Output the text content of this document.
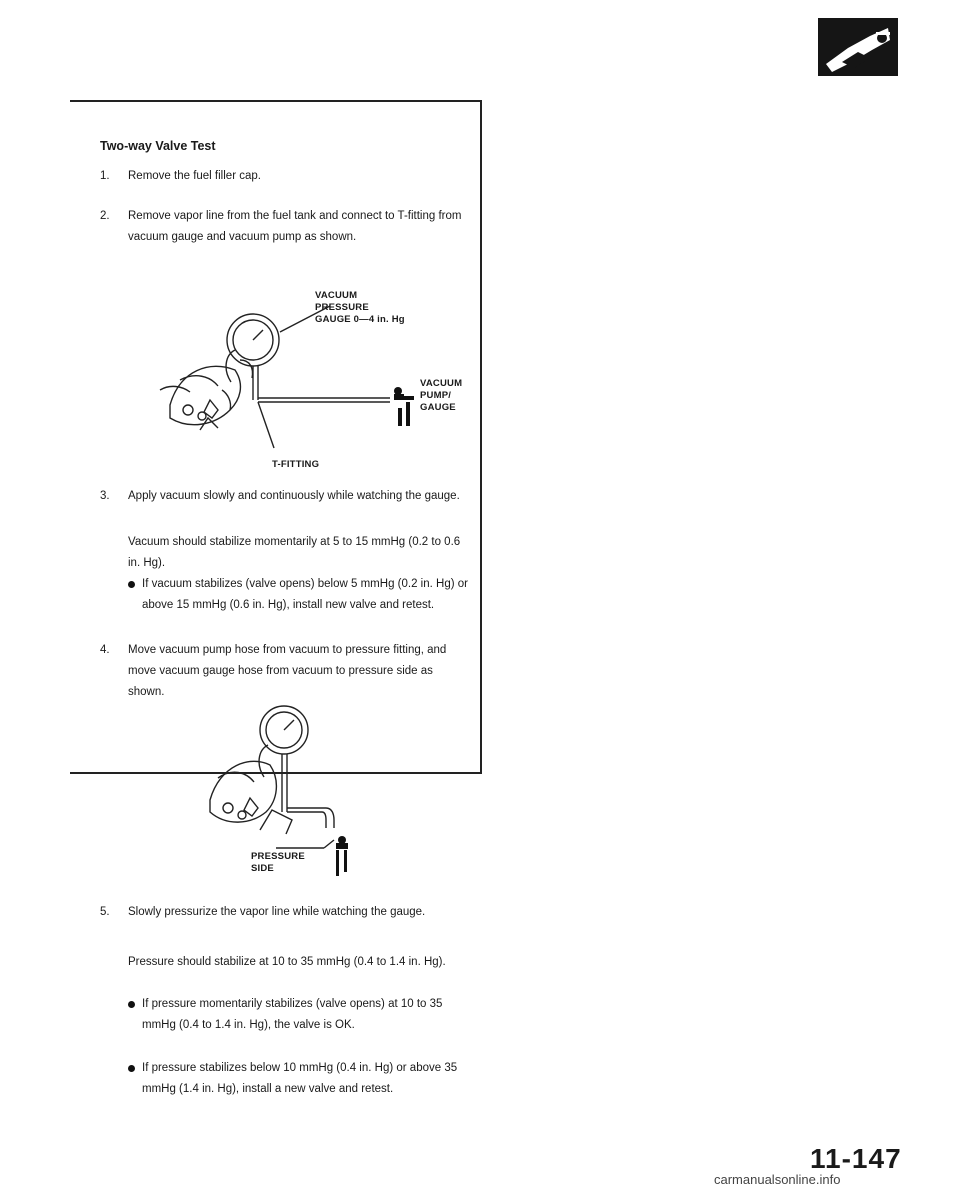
Two-way Valve Test
1.	Remove the fuel filler cap.
2.	Remove vapor line from the fuel tank and connect to T-fitting from vacuum gauge and vacuum pump as shown.
VACUUM
PRESSURE
GAUGE 0—4 in. Hg
VACUUM
PUMP/
GAUGE
T-FITTING
3.	Apply vacuum slowly and continuously while watching the gauge.
Vacuum should stabilize momentarily at 5 to 15 mmHg (0.2 to 0.6 in. Hg).
If vacuum stabilizes (valve opens) below 5 mmHg (0.2 in. Hg) or above 15 mmHg (0.6 in. Hg), install new valve and retest.
4.	Move vacuum pump hose from vacuum to pressure fitting, and move vacuum gauge hose from vacuum to pressure side as shown.
PRESSURE
SIDE
5.	Slowly pressurize the vapor line while watching the gauge.
Pressure should stabilize at 10 to 35 mmHg (0.4 to 1.4 in. Hg).
If pressure momentarily stabilizes (valve opens) at 10 to 35 mmHg (0.4 to 1.4 in. Hg), the valve is OK.
If pressure stabilizes below 10 mmHg (0.4 in. Hg) or above 35 mmHg (1.4 in. Hg), install a new valve and retest.
11-147
carmanualsonline.info
